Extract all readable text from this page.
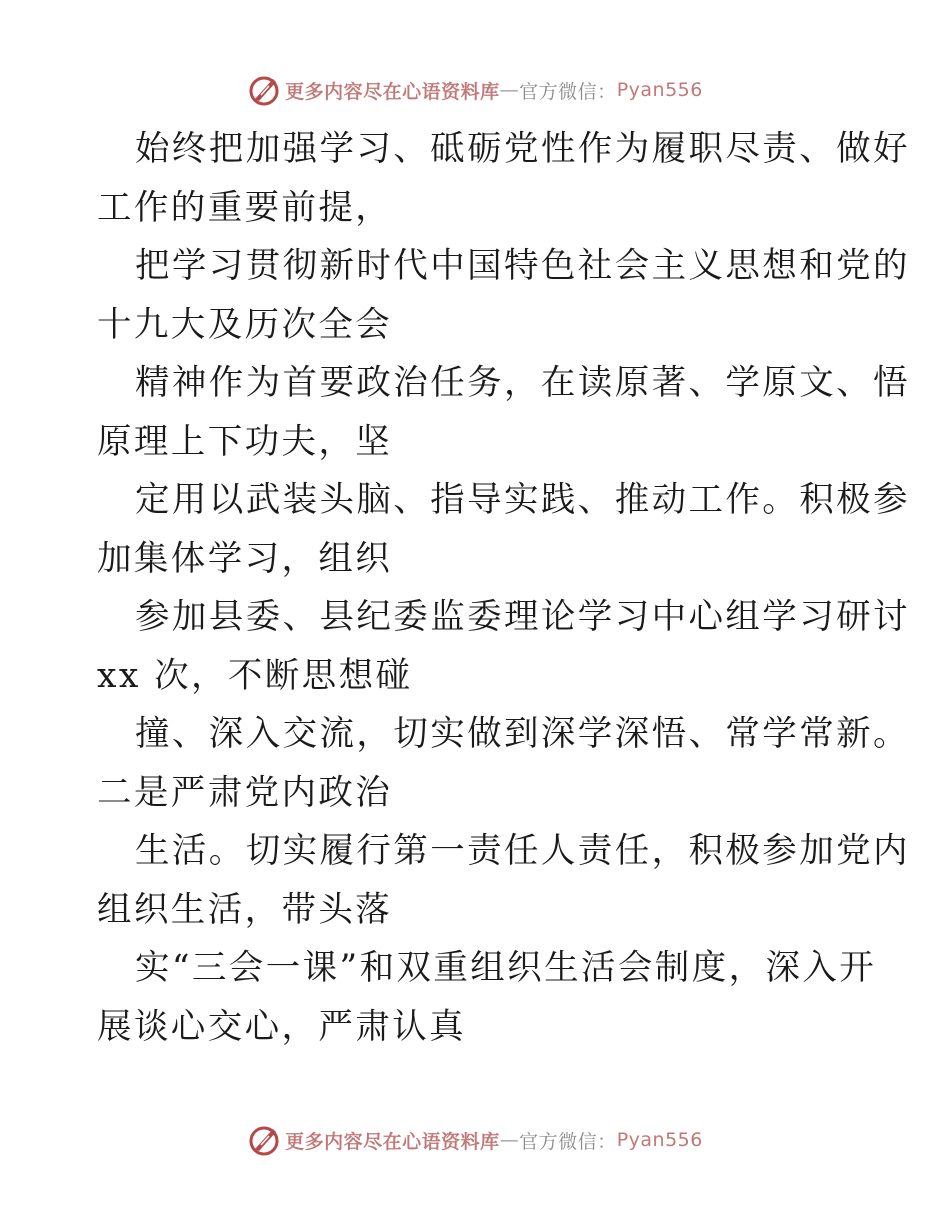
更多内容尽在心语资料库 — 官方微信： Pyan556

始终把加强学习、砥砺党性作为履职尽责、做好

工作的重要前提，

把学习贯彻新时代中国特色社会主义思想和党的

十九大及历次全会

精神作为首要政治任务，在读原著、学原文、悟

原理上下功夫，坚

定用以武装头脑、指导实践、推动工作。积极参

加集体学习，组织

参加县委、县纪委监委理论学习中心组学习研讨

xx 次，不断思想碰

撞、深入交流，切实做到深学深悟、常学常新。

二是严肃党内政治

生活。切实履行第一责任人责任，积极参加党内

组织生活，带头落

实“三会一课”和双重组织生活会制度，深入开

展谈心交心，严肃认真

更多内容尽在心语资料库 — 官方微信： Pyan556
